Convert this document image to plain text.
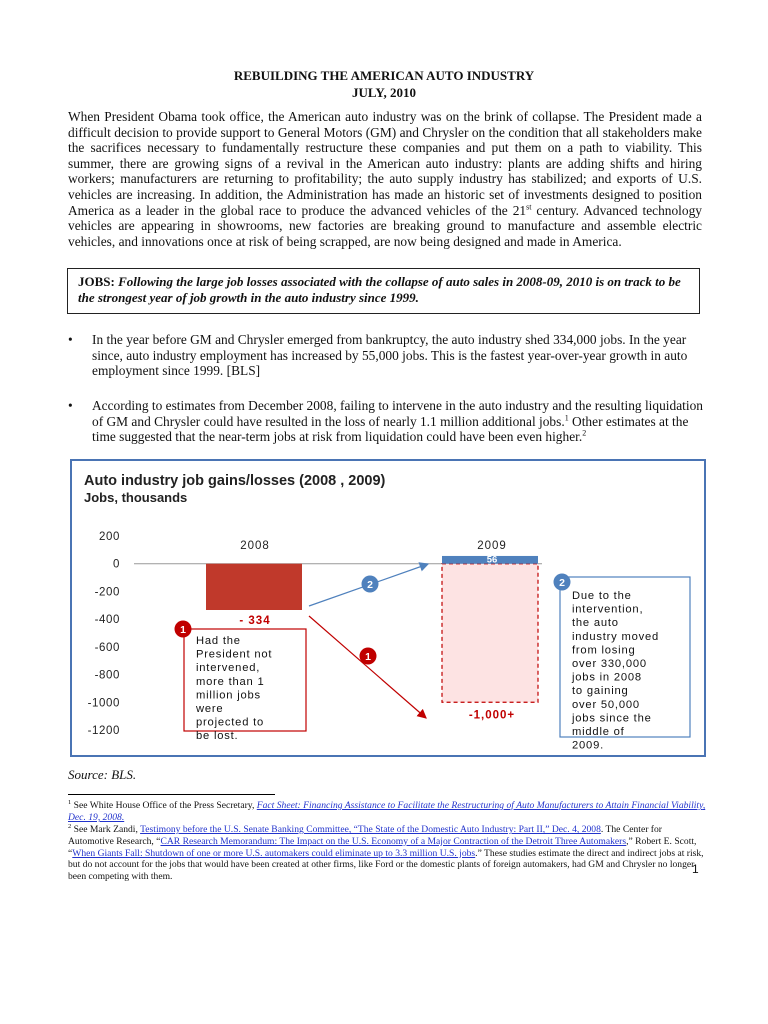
REBUILDING THE AMERICAN AUTO INDUSTRY
JULY, 2010
When President Obama took office, the American auto industry was on the brink of collapse. The President made a difficult decision to provide support to General Motors (GM) and Chrysler on the condition that all stakeholders make the sacrifices necessary to fundamentally restructure these companies and put them on a path to viability. This summer, there are growing signs of a revival in the American auto industry: plants are adding shifts and hiring workers; manufacturers are returning to profitability; the auto supply industry has stabilized; and exports of U.S. vehicles are increasing. In addition, the Administration has made an historic set of investments designed to position America as a leader in the global race to produce the advanced vehicles of the 21st century. Advanced technology vehicles are appearing in showrooms, new factories are breaking ground to manufacture and assemble electric vehicles, and innovations once at risk of being scrapped, are now being designed and made in America.
JOBS: Following the large job losses associated with the collapse of auto sales in 2008-09, 2010 is on track to be the strongest year of job growth in the auto industry since 1999.
• In the year before GM and Chrysler emerged from bankruptcy, the auto industry shed 334,000 jobs. In the year since, auto industry employment has increased by 55,000 jobs. This is the fastest year-over-year growth in auto employment since 1999. [BLS]
• According to estimates from December 2008, failing to intervene in the auto industry and the resulting liquidation of GM and Chrysler could have resulted in the loss of nearly 1.1 million additional jobs.$^1$ Other estimates at the time suggested that the near-term jobs at risk from liquidation could have been even higher.$^2$
Auto industry job gains/losses (2008 , 2009)
Jobs, thousands
200
0
-200
-400
-600
-800
-1000
-1200
2008	2009
- 334
56
-1,000+
Had the President not intervened, more than 1 million jobs were projected to be lost.
1
Due to the intervention, the auto industry moved from losing over 330,000 jobs in 2008 to gaining over 50,000 jobs since the middle of 2009.
2
2
1
Source: BLS.
$^1$ See White House Office of the Press Secretary, Fact Sheet: Financing Assistance to Facilitate the Restructuring of Auto Manufacturers to Attain Financial Viability, Dec. 19, 2008.
$^2$ See Mark Zandi, Testimony before the U.S. Senate Banking Committee, “The State of the Domestic Auto Industry: Part II,” Dec. 4, 2008. The Center for Automotive Research, “CAR Research Memorandum: The Impact on the U.S. Economy of a Major Contraction of the Detroit Three Automakers,” Robert E. Scott, “When Giants Fall: Shutdown of one or more U.S. automakers could eliminate up to 3.3 million U.S. jobs.” These studies estimate the direct and indirect jobs at risk, but do not account for the jobs that would have been created at other firms, like Ford or the domestic plants of foreign automakers, had GM and Chrysler no longer been competing with them.
1
